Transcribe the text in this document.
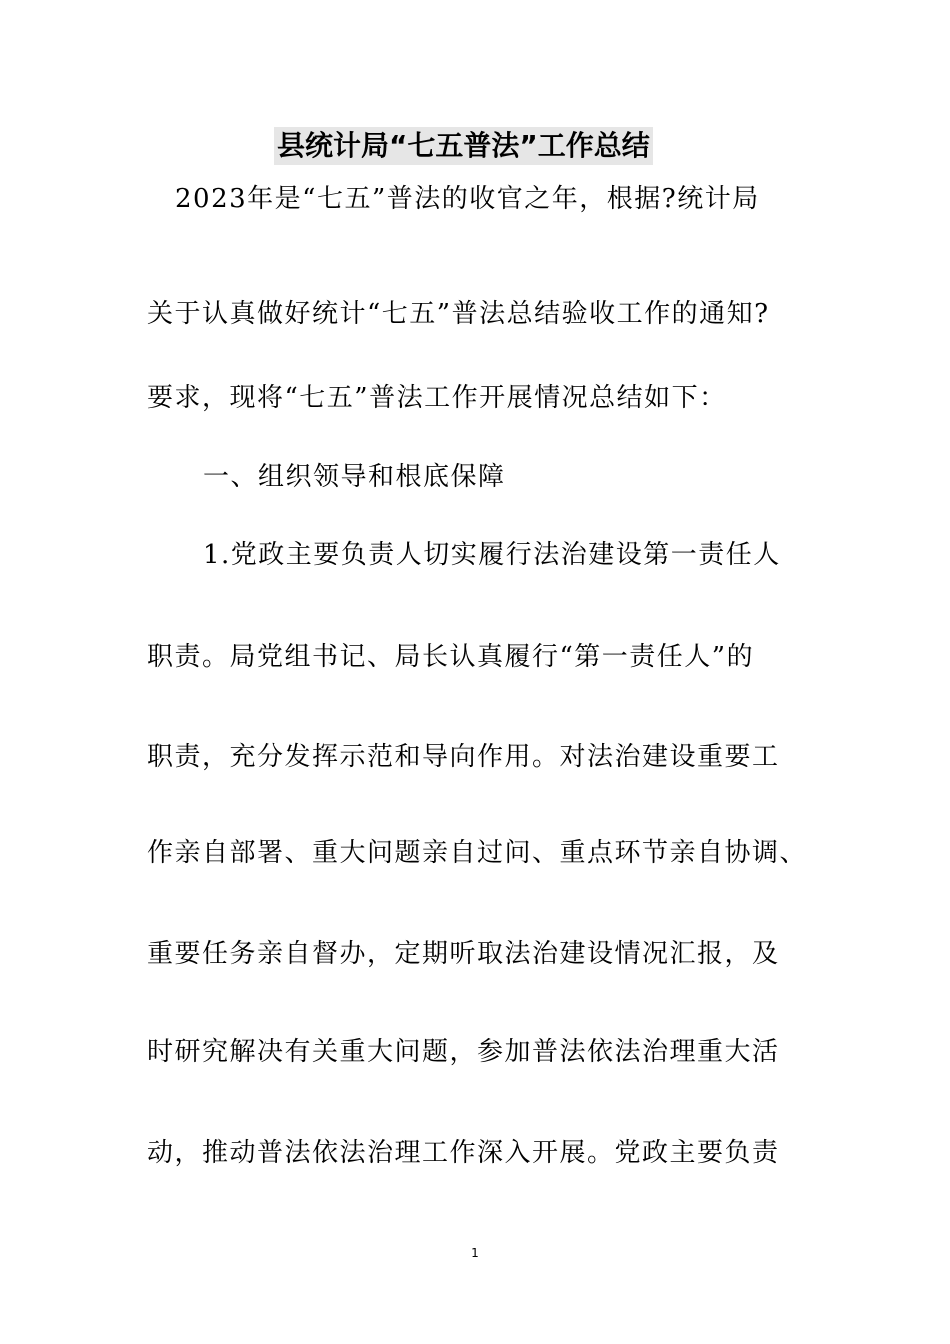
县统计局“七五普法”工作总结
2023年是“七五”普法的收官之年，根据?统计局
关于认真做好统计“七五”普法总结验收工作的通知?
要求，现将“七五”普法工作开展情况总结如下：
一、组织领导和根底保障
1.党政主要负责人切实履行法治建设第一责任人
职责。局党组书记、局长认真履行“第一责任人”的
职责，充分发挥示范和导向作用。对法治建设重要工
作亲自部署、重大问题亲自过问、重点环节亲自协调、
重要任务亲自督办，定期听取法治建设情况汇报，及
时研究解决有关重大问题，参加普法依法治理重大活
动，推动普法依法治理工作深入开展。党政主要负责
1
